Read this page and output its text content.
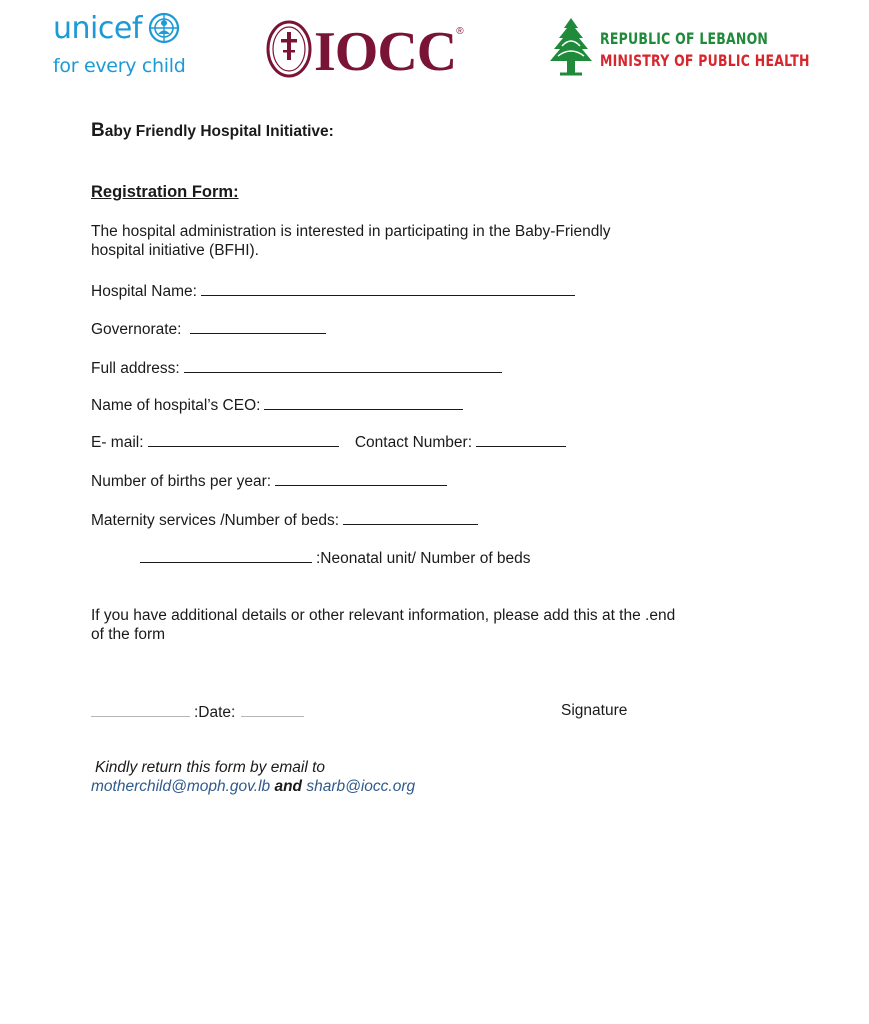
unicef
for every child IOCC ®	REPUBLIC OF LEBANON
MINISTRY OF PUBLIC HEALTH
Baby Friendly Hospital Initiative:
Registration Form:
The hospital administration is interested in participating in the Baby-Friendly hospital initiative (BFHI).
Hospital Name:
Governorate:
Full address:
Name of hospital’s CEO:
E- mail:	Contact Number:
Number of births per year:
Maternity services /Number of beds:
:Neonatal unit/ Number of beds
If you have additional details or other relevant information, please add this at the .end of the form
:Date:	Signature
Kindly return this form by email to
motherchild@moph.gov.lb and sharb@iocc.org
